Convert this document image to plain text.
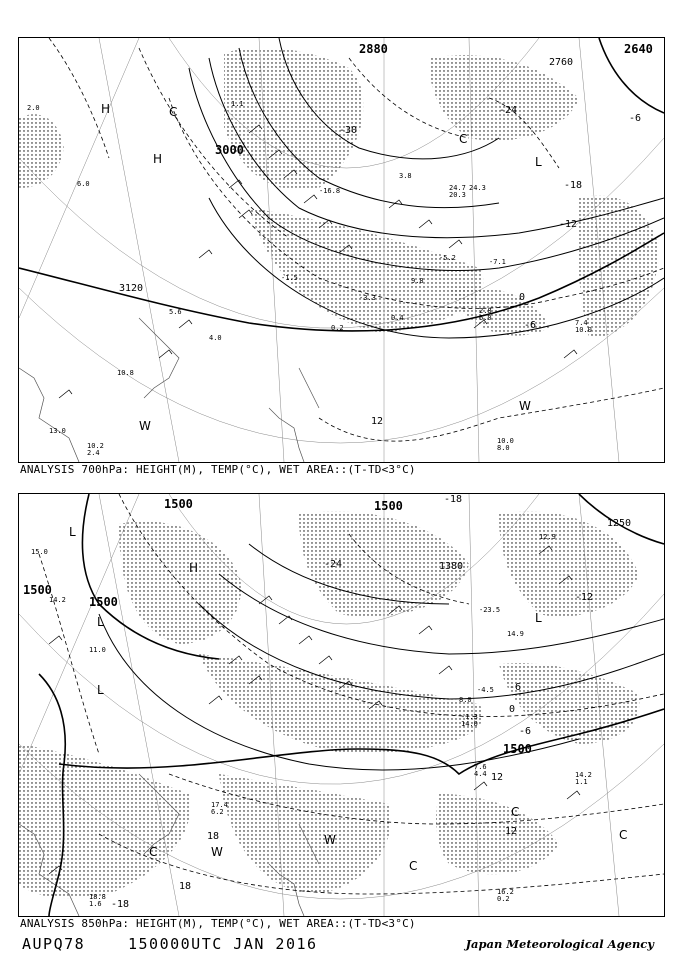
2880	2640
2760
3000
3120
-18
-24
-30
-12
-6
0
-6
12
H
H
C
L
W
W
C
2.0
6.0
7.4
10.0
10.2
2.4
10.8
13.0
5.6
4.0
2.8
6.0
0.4
0.2
-3.3
-5.2	-7.1
-1.5
10.0
8.0
9.8
1.1
24.7 24.3
20.3
3.8
-16.8
ANALYSIS 700hPa: HEIGHT(M), TEMP(°C), WET AREA::(T-TD<3°C)
1500	1500
1500
1500
1500
1250
1380
-18
-24
-12
-6
0
-6
12
12
18
18
-18
H
L
L
L
L
W
C
W
C
C
C
14.2
1.1
17.4
6.2
16.2
0.2
18.8
1.6
14.2
11.0
15.0
7.6
4.4
12.9
8.0
-4.5
-1.3
14.0
-23.5
14.9
ANALYSIS 850hPa: HEIGHT(M), TEMP(°C), WET AREA::(T-TD<3°C)
AUPQ78	150000UTC JAN 2016	Japan Meteorological Agency
